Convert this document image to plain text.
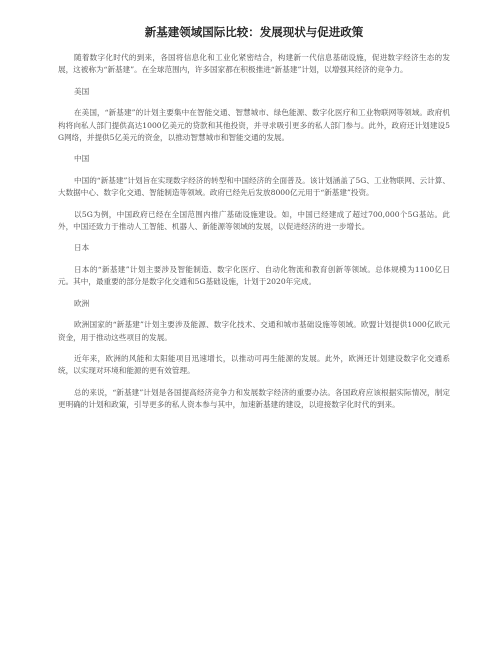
新基建领域国际比较：发展现状与促进政策

随着数字化时代的到来，各国将信息化和工业化紧密结合，构建新一代信息基础设施，促进数字经济生态的发展，这被称为“新基建”。在全球范围内，许多国家都在积极推进“新基建”计划，以增强其经济的竞争力。

美国

在美国，“新基建”的计划主要集中在智能交通、智慧城市、绿色能源、数字化医疗和工业物联网等领域。政府机构将向私人部门提供高达1000亿美元的贷款和其他投资，并寻求吸引更多的私人部门参与。此外，政府还计划建设5G网络，并提供5亿美元的资金，以推动智慧城市和智能交通的发展。

中国

中国的“新基建”计划旨在实现数字经济的转型和中国经济的全面普及。该计划涵盖了5G、工业物联网、云计算、大数据中心、数字化交通、智能制造等领域。政府已经先后发放8000亿元用于“新基建”投资。

以5G为例，中国政府已经在全国范围内推广基础设施建设。如，中国已经建成了超过700,000个5G基站。此外，中国还致力于推动人工智能、机器人、新能源等领域的发展，以促进经济的进一步增长。

日本

日本的“新基建”计划主要涉及智能制造、数字化医疗、自动化物流和教育创新等领域。总体规模为1100亿日元。其中，最重要的部分是数字化交通和5G基础设施，计划于2020年完成。

欧洲

欧洲国家的“新基建”计划主要涉及能源、数字化技术、交通和城市基础设施等领域。欧盟计划提供1000亿欧元资金，用于推动这些项目的发展。

近年来，欧洲的风能和太阳能项目迅速增长，以推动可再生能源的发展。此外，欧洲还计划建设数字化交通系统，以实现对环境和能源的更有效管理。

总的来说，“新基建”计划是各国提高经济竞争力和发展数字经济的重要办法。各国政府应该根据实际情况，制定更明确的计划和政策，引导更多的私人资本参与其中，加速新基建的建设，以迎接数字化时代的到来。
